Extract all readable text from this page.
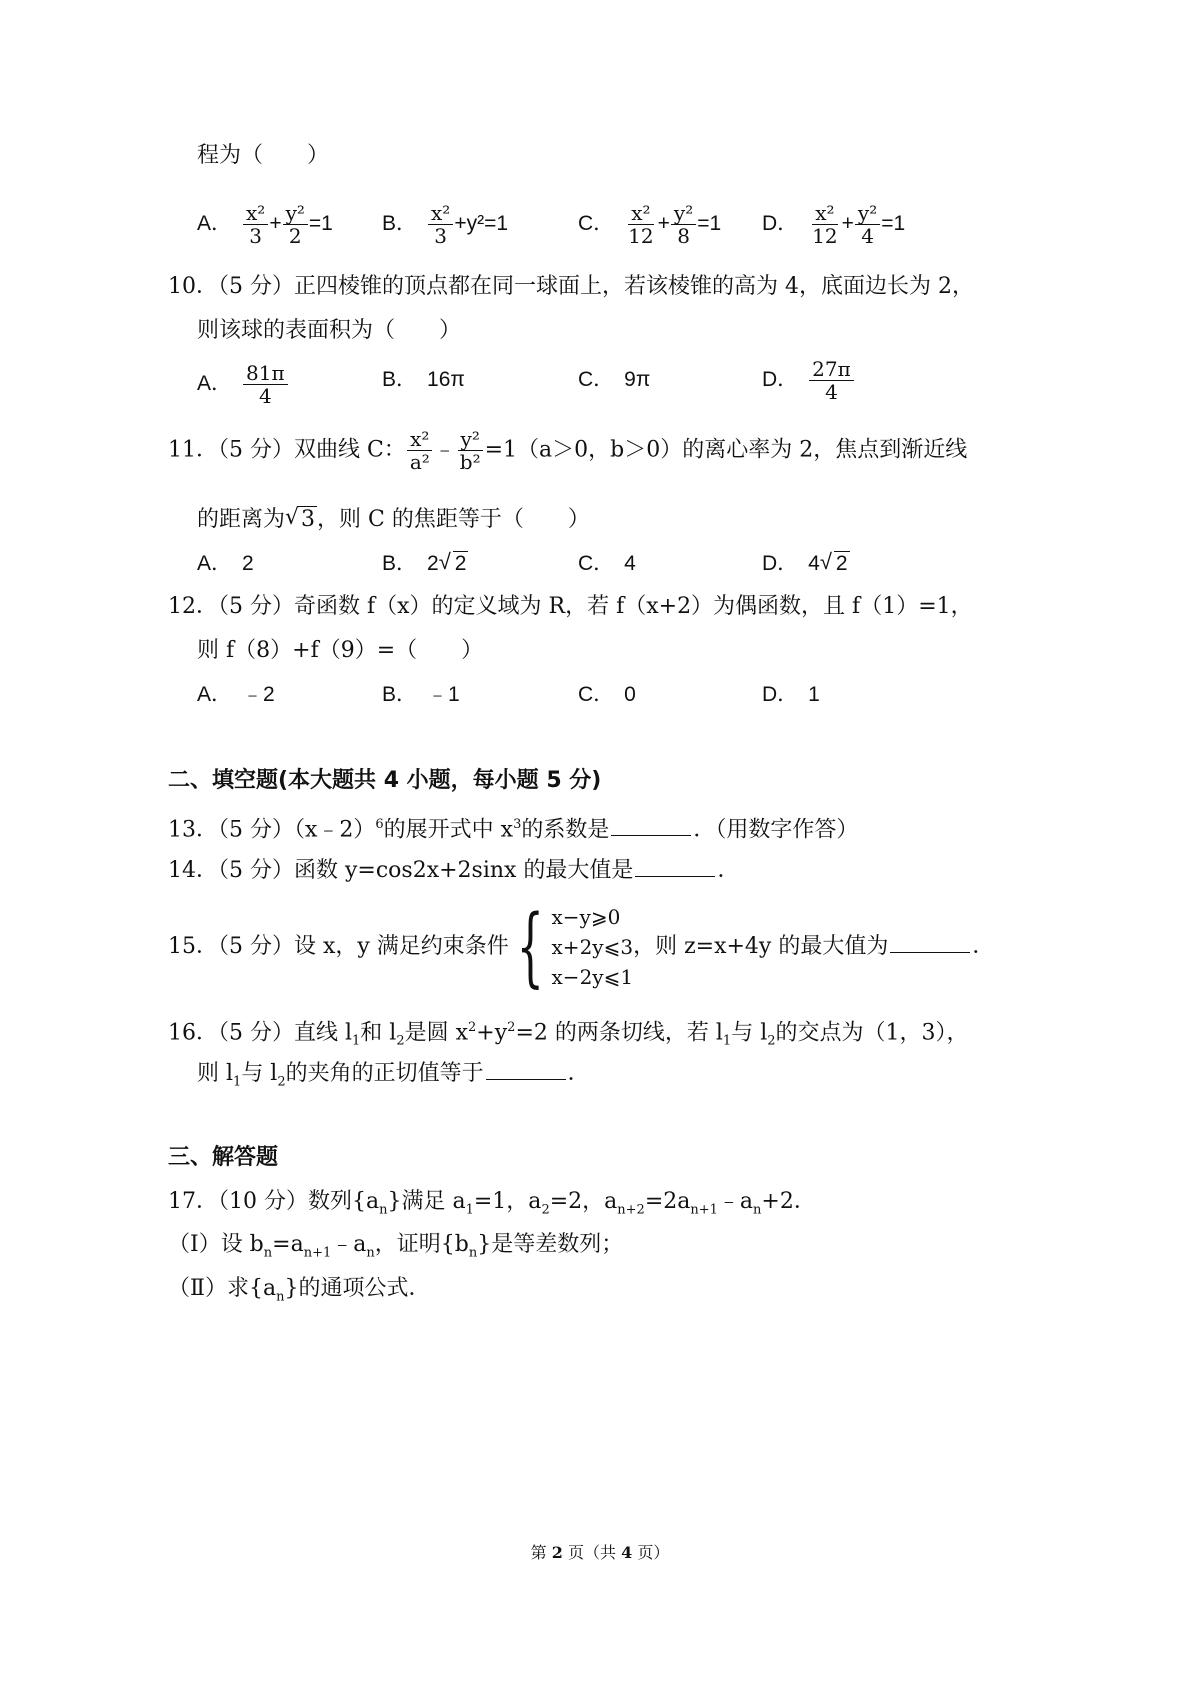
程为（　　）
A． $\frac{\text{x²}}{3} + \frac{\text{y²}}{2} =1$ B． $\frac{\text{x²}}{3} +y^2=1$	C． $\frac{\text{x²}}{12} + \frac{\text{y²}}{8} =1$ D． $\frac{\text{x²}}{12} + \frac{\text{y²}}{4} =1$
10．（5 分）正四棱锥的顶点都在同一球面上，若该棱锥的高为 4，底面边长为 2，
则该球的表面积为（　　）
A． $\frac{81\pi}{4}$	B． 16π	C． 9π	D． $\frac{27\pi}{4}$
11．（5 分）双曲线 C： $\frac{\text{x²}}{\text{a²}}$ ﹣ $\frac{\text{y²}}{\text{b²}} =1(a>0$，b＞0）的离心率为 2，焦点到渐近线
的距离为 √ 3，则 C 的焦距等于（　　）
A． 2	B． 2 √ 2	C． 4	D． 4 √ 2
12．（5 分）奇函数 f（x）的定义域为 R，若 f（x+2）为偶函数，且 f（1）=1，
则 f（8）+f（9）=（　　）
A． ﹣2	B． ﹣1	C． 0	D． 1
二、填空题(本大题共 4 小题，每小题 5 分)
13．（5 分）（x﹣2）$^6$的展开式中 $x^3$的系数是	．（用数字作答）
14．（5 分）函数 y=cos2x+2sinx 的最大值是	．
15．（5 分）设 x，y 满足约束条件 { x−y⩾0
x+2y⩽3
x−2y⩽1
，则 z=x+4y 的最大值为	．
16．（5 分）直线 $l_1$和 $l_2$是圆 $x^2+y^2=2$ 的两条切线，若 $l_1$与 $l_2$的交点为（1，3），
则 $l_1$与 $l_2$的夹角的正切值等于	．
三、解答题
17．（10 分）数列$\{a_n\}$满足 $a_1=1$，$a_2=2$，$a_{n+2}=2a_{n+1}﹣a_n+2$．
（Ⅰ）设 $b_n=a_{n+1}﹣a_n$，证明$\{b_n\}$是等差数列；
（Ⅱ）求$\{a_n\}$的通项公式．
第 2 页（共 4 页）
